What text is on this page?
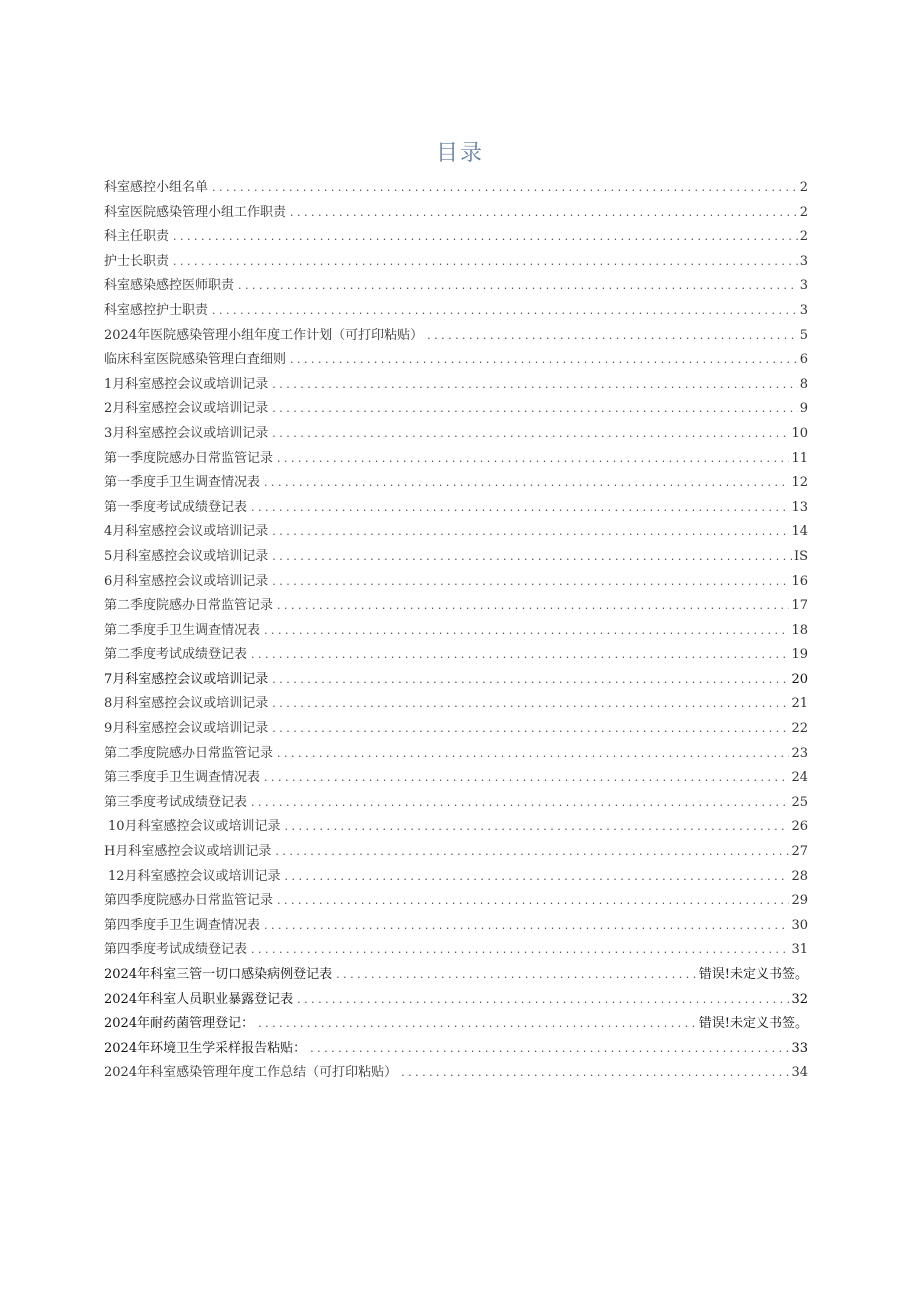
目录
科室感控小组名单 . . .	2
科室医院感染管理小组工作职责 . . .	2
科主任职责 . . .	2
护士长职责 . . .	3
科室感染感控医师职责 . . .	3
科室感控护士职责 . . .	3
2024年医院感染管理小组年度工作计划（可打印粘贴） . . .	5
临床科室医院感染管理白査细则 . . .	6
1月科室感控会议或培训记录 . . .	8
2月科室感控会议或培训记录 . . .	9
3月科室感控会议或培训记录 . . .	10
第一季度院感办日常监管记录 . . .	11
第一季度手卫生调查情况表 . . .	12
第一季度考试成绩登记表 . . .	13
4月科室感控会议或培训记录 . . .	14
5月科室感控会议或培训记录 . . .	IS
6月科室感控会议或培训记录 . . .	16
第二季度院感办日常监管记录 . . .	17
第二季度手卫生调查情况表 . . .	18
第二季度考试成绩登记表 . . .	19
7月科室感控会议或培训记录 . . .	20
8月科室感控会议或培训记录 . . .	21
9月科室感控会议或培训记录 . . .	22
第二季度院感办日常监管记录 . . .	23
第三季度手卫生调查情况表 . . .	24
第三季度考试成绩登记表 . . .	25
10月科室感控会议或培训记录 . . .	26
H月科室感控会议或培训记录 . . .	27
12月科室感控会议或培训记录 . . .	28
第四季度院感办日常监管记录 . . .	29
第四季度手卫生调查情况表 . . .	30
第四季度考试成绩登记表 . . .	31
2024年科室三管一切口感染病例登记表 . . .	错误!未定义书签。
2024年科室人员职业暴露登记表 . . .	32
2024年耐药菌管理登记： . . .	错误!未定义书签。
2024年环境卫生学采样报告粘贴： . . .	33
2024年科室感染管理年度工作总结（可打印粘贴） . . .	34
